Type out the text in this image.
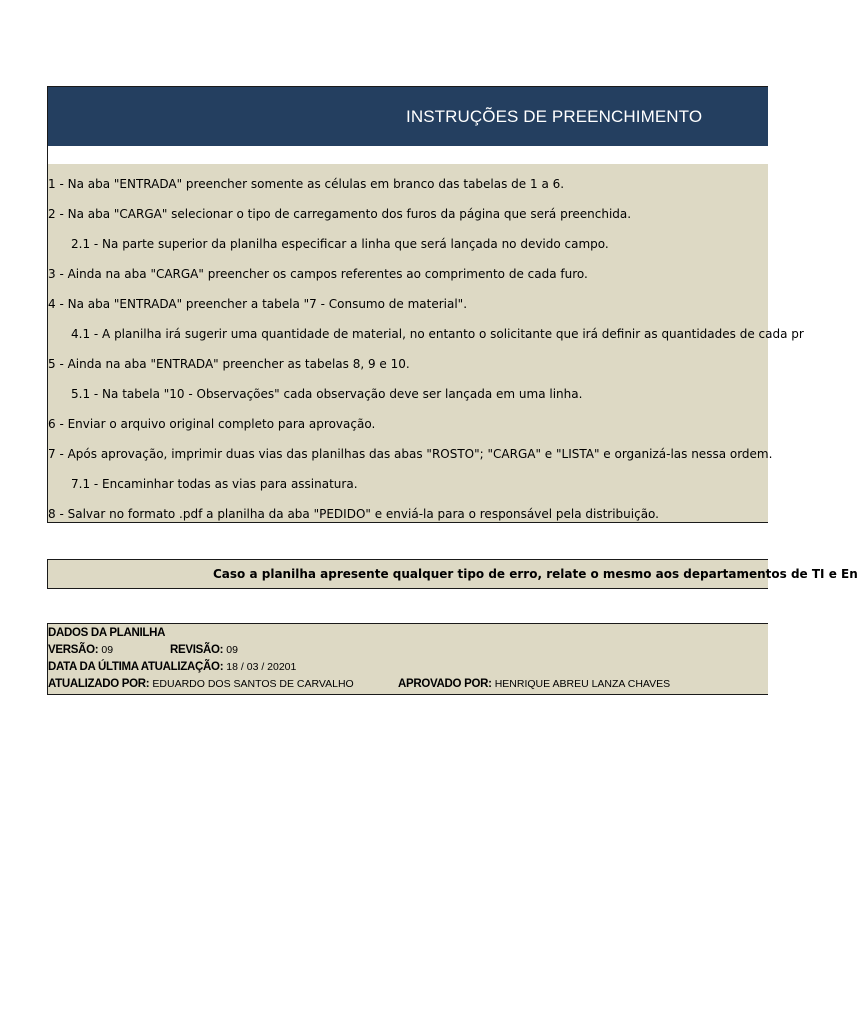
INSTRUÇÕES DE PREENCHIMENTO
1 - Na aba "ENTRADA" preencher somente as células em branco das tabelas de 1 a 6.
2 - Na aba "CARGA" selecionar o tipo de carregamento dos furos da página que será preenchida.
2.1 - Na parte superior da planilha especificar a linha que será lançada no devido campo.
3 - Ainda na aba "CARGA" preencher os campos referentes ao comprimento de cada furo.
4 - Na aba "ENTRADA" preencher a tabela "7 - Consumo de material".
4.1 - A planilha irá sugerir uma quantidade de material, no entanto o solicitante que irá definir as quantidades de cada pr
5 - Ainda na aba "ENTRADA" preencher as tabelas 8, 9 e 10.
5.1 - Na tabela "10 - Observações" cada observação deve ser lançada em uma linha.
6 - Enviar o arquivo original completo para aprovação.
7 - Após aprovação, imprimir duas vias das planilhas das abas "ROSTO"; "CARGA" e "LISTA" e organizá-las nessa ordem.
7.1 - Encaminhar todas as vias para assinatura.
8 - Salvar no formato .pdf a planilha da aba "PEDIDO" e enviá-la para o responsável pela distribuição.
Caso a planilha apresente qualquer tipo de erro, relate o mesmo aos departamentos de TI e En
DADOS DA PLANILHA
VERSÃO: 09	REVISÃO: 09
DATA DA ÚLTIMA ATUALIZAÇÃO: 18 / 03 / 20201
ATUALIZADO POR: EDUARDO DOS SANTOS DE CARVALHO	APROVADO POR: HENRIQUE ABREU LANZA CHAVES
